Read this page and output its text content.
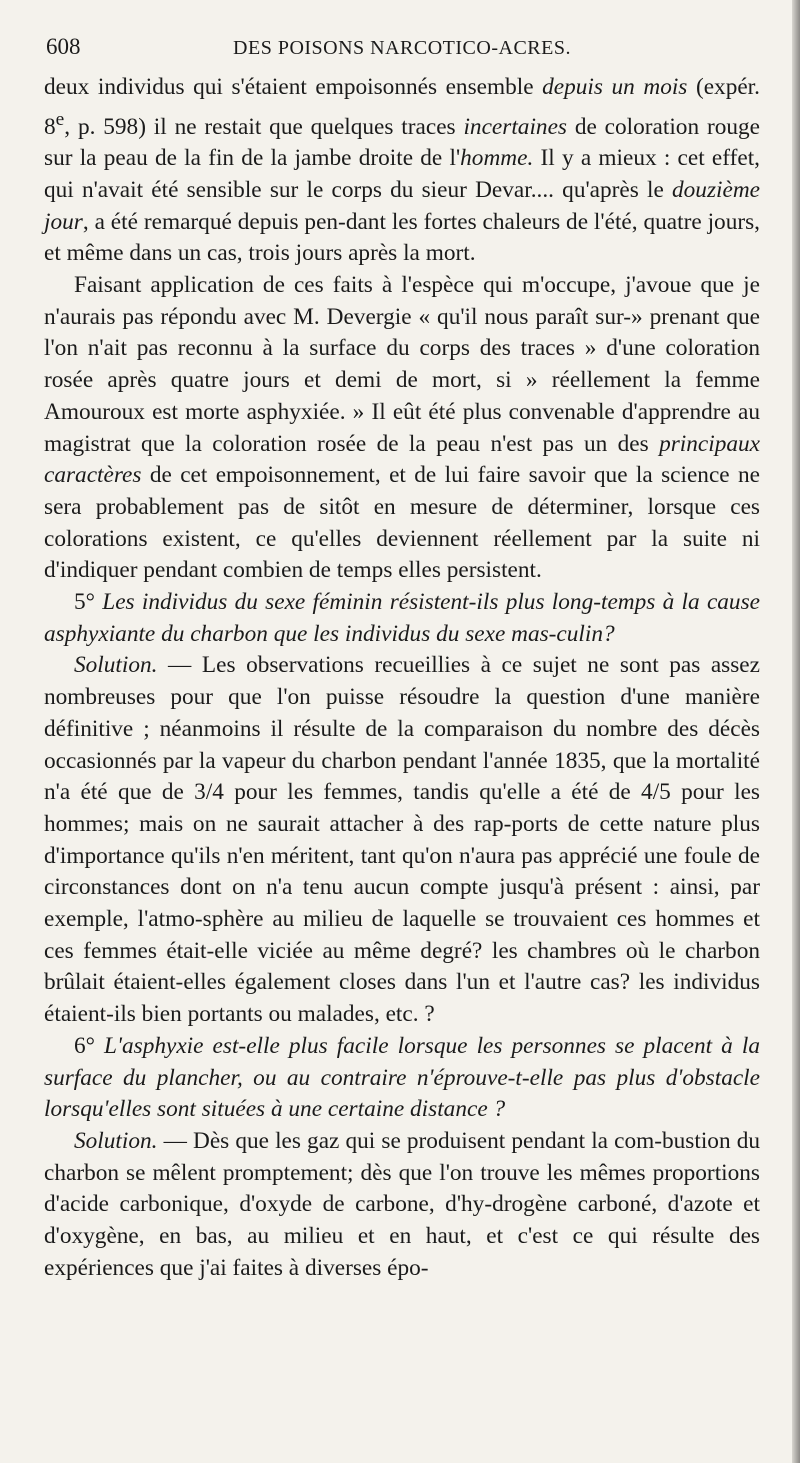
608	DES POISONS NARCOTICO-ACRES.

deux individus qui s'étaient empoisonnés ensemble depuis un mois (expér. 8e, p. 598) il ne restait que quelques traces incertaines de coloration rouge sur la peau de la fin de la jambe droite de l'homme. Il y a mieux : cet effet, qui n'avait été sensible sur le corps du sieur Devar.... qu'après le douzième jour, a été remarqué depuis pen-dant les fortes chaleurs de l'été, quatre jours, et même dans un cas, trois jours après la mort.

Faisant application de ces faits à l'espèce qui m'occupe, j'avoue que je n'aurais pas répondu avec M. Devergie « qu'il nous paraît sur-» prenant que l'on n'ait pas reconnu à la surface du corps des traces » d'une coloration rosée après quatre jours et demi de mort, si » réellement la femme Amouroux est morte asphyxiée. » Il eût été plus convenable d'apprendre au magistrat que la coloration rosée de la peau n'est pas un des principaux caractères de cet empoisonnement, et de lui faire savoir que la science ne sera probablement pas de sitôt en mesure de déterminer, lorsque ces colorations existent, ce qu'elles deviennent réellement par la suite ni d'indiquer pendant combien de temps elles persistent.

5° Les individus du sexe féminin résistent-ils plus long-temps à la cause asphyxiante du charbon que les individus du sexe mas-culin?

Solution. — Les observations recueillies à ce sujet ne sont pas assez nombreuses pour que l'on puisse résoudre la question d'une manière définitive ; néanmoins il résulte de la comparaison du nombre des décès occasionnés par la vapeur du charbon pendant l'année 1835, que la mortalité n'a été que de 3/4 pour les femmes, tandis qu'elle a été de 4/5 pour les hommes; mais on ne saurait attacher à des rap-ports de cette nature plus d'importance qu'ils n'en méritent, tant qu'on n'aura pas apprécié une foule de circonstances dont on n'a tenu aucun compte jusqu'à présent : ainsi, par exemple, l'atmo-sphère au milieu de laquelle se trouvaient ces hommes et ces femmes était-elle viciée au même degré? les chambres où le charbon brûlait étaient-elles également closes dans l'un et l'autre cas? les individus étaient-ils bien portants ou malades, etc. ?

6° L'asphyxie est-elle plus facile lorsque les personnes se placent à la surface du plancher, ou au contraire n'éprouve-t-elle pas plus d'obstacle lorsqu'elles sont situées à une certaine distance ?

Solution. — Dès que les gaz qui se produisent pendant la com-bustion du charbon se mêlent promptement; dès que l'on trouve les mêmes proportions d'acide carbonique, d'oxyde de carbone, d'hy-drogène carboné, d'azote et d'oxygène, en bas, au milieu et en haut, et c'est ce qui résulte des expériences que j'ai faites à diverses épo-
